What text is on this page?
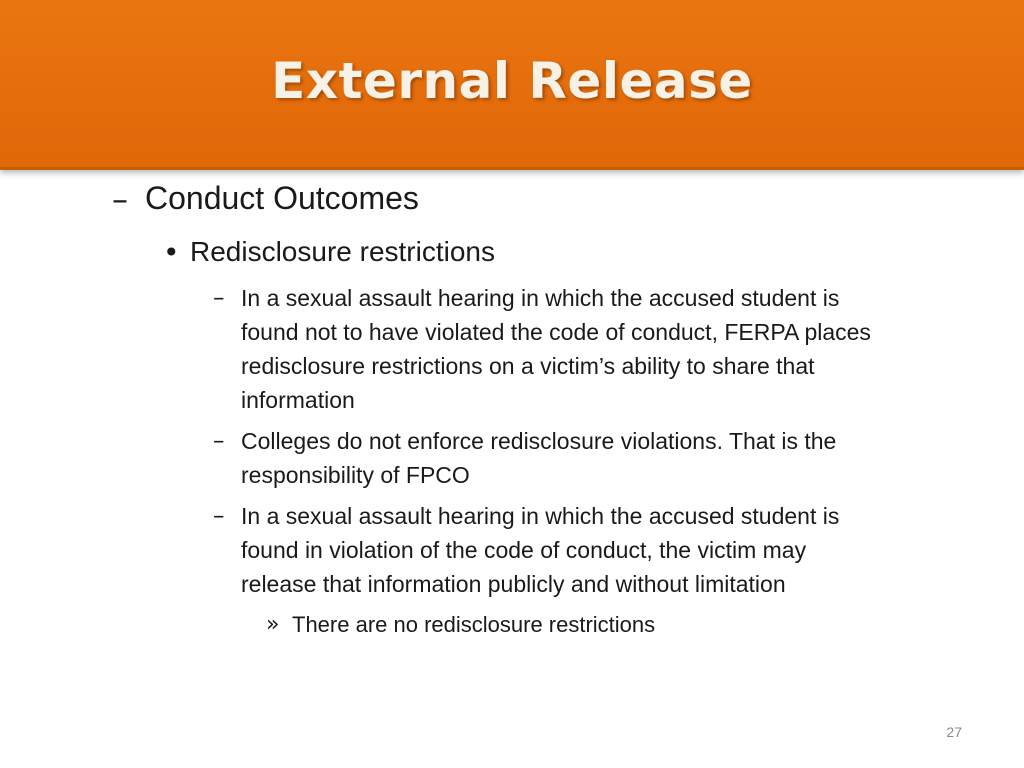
External Release
– Conduct Outcomes
• Redisclosure restrictions
– In a sexual assault hearing in which the accused student is
found not to have violated the code of conduct, FERPA places
redisclosure restrictions on a victim’s ability to share that
information
– Colleges do not enforce redisclosure violations. That is the
responsibility of FPCO
– In a sexual assault hearing in which the accused student is
found in violation of the code of conduct, the victim may
release that information publicly and without limitation
» There are no redisclosure restrictions
27
